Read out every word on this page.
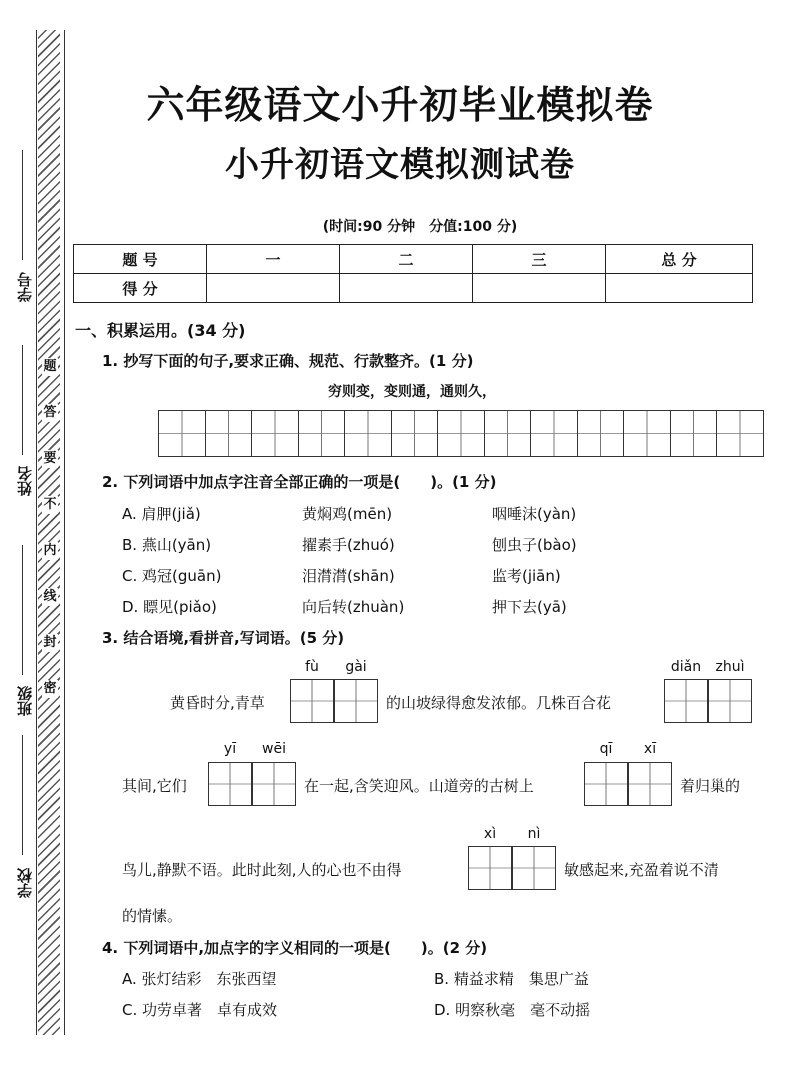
学号
姓名
班级
学校
题
答
要
不
内
线
封
密
六年级语文小升初毕业模拟卷
小升初语文模拟测试卷
(时间:90 分钟　分值:100 分)
题 号	一	二	三	总 分
得 分				
一、积累运用。(34 分)
1. 抄写下面的句子,要求正确、规范、行款整齐。(1 分)
穷则变，变则通，通则久，
2. 下列词语中加点字注音全部正确的一项是(　　)。(1 分)
A. 肩胛(jiǎ)	黄焖鸡(mēn)	咽唾沫(yàn)
B. 燕山(yān)	擢素手(zhuó)	刨虫子(bào)
C. 鸡冠(guān)	泪潸潸(shān)	监考(jiān)
D. 瞟见(piǎo)	向后转(zhuàn)	押下去(yā)
3. 结合语境,看拼音,写词语。(5 分)
fù	gài
黄昏时分,青草	的山坡绿得愈发浓郁。几株百合花
diǎn	zhuì
yī	wēi
其间,它们	在一起,含笑迎风。山道旁的古树上
qī	xī
着归巢的
xì	nì
鸟儿,静默不语。此时此刻,人的心也不由得	敏感起来,充盈着说不清
的情愫。
4. 下列词语中,加点字的字义相同的一项是(　　)。(2 分)
A. 张灯结彩　东张西望	B. 精益求精　集思广益
C. 功劳卓著　卓有成效	D. 明察秋毫　毫不动摇
